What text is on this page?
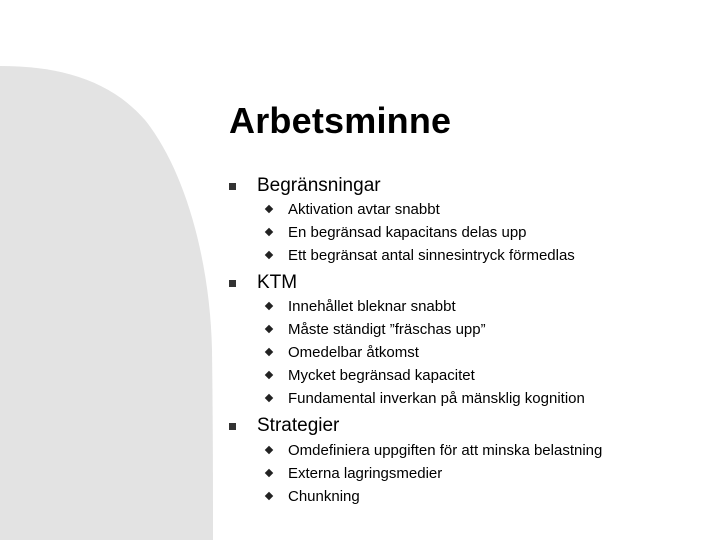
Arbetsminne
Begränsningar
Aktivation avtar snabbt
En begränsad kapacitans delas upp
Ett begränsat antal sinnesintryck förmedlas
KTM
Innehållet bleknar snabbt
Måste ständigt ”fräschas upp”
Omedelbar åtkomst
Mycket begränsad kapacitet
Fundamental inverkan på mänsklig kognition
Strategier
Omdefiniera uppgiften för att minska belastning
Externa lagringsmedier
Chunkning
